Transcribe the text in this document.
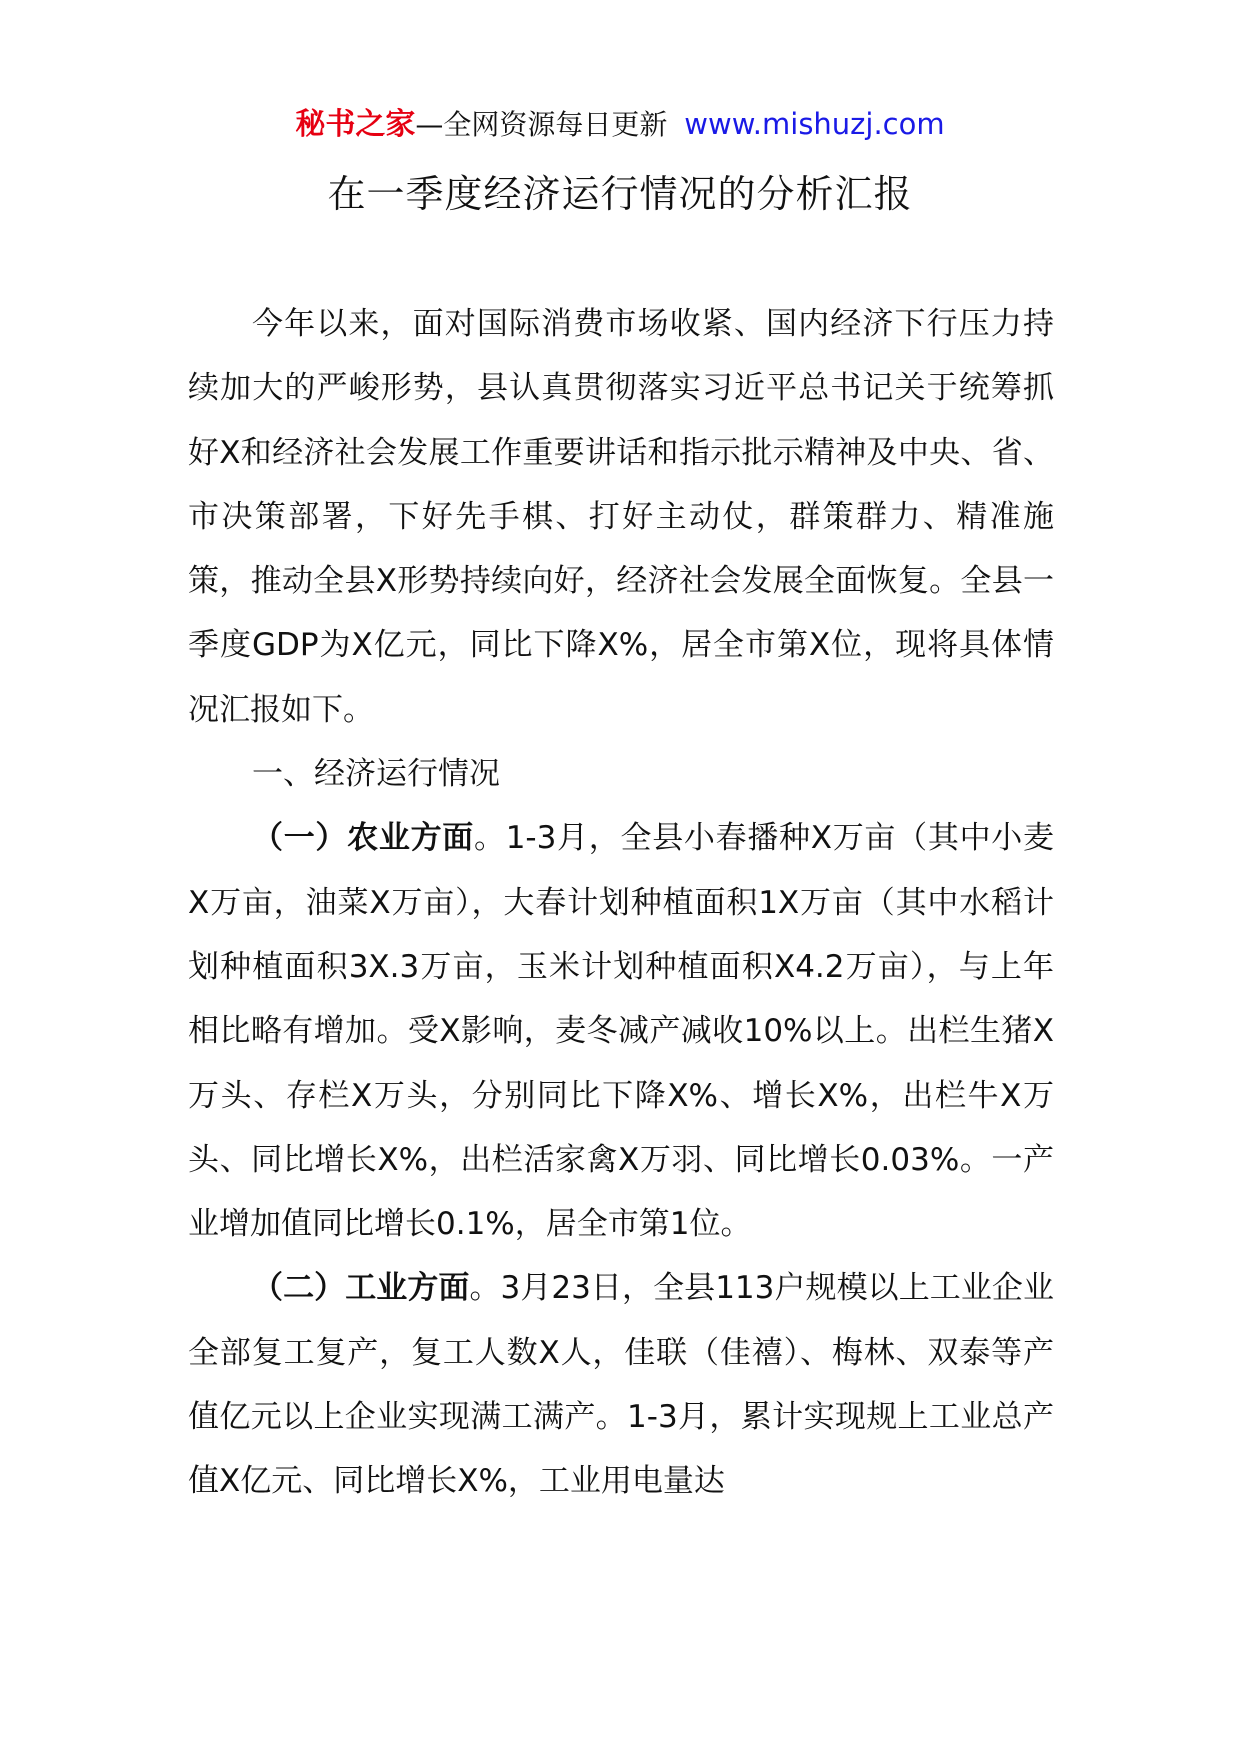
秘书之家—全网资源每日更新 www.mishuzj.com
在一季度经济运行情况的分析汇报

今年以来，面对国际消费市场收紧、国内经济下行压力持续加大的严峻形势，县认真贯彻落实习近平总书记关于统筹抓好X和经济社会发展工作重要讲话和指示批示精神及中央、省、市决策部署，下好先手棋、打好主动仗，群策群力、精准施策，推动全县X形势持续向好，经济社会发展全面恢复。全县一季度GDP为X亿元，同比下降X%，居全市第X位，现将具体情况汇报如下。

一、经济运行情况

（一）农业方面。1-3月，全县小春播种X万亩（其中小麦X万亩，油菜X万亩），大春计划种植面积1X万亩（其中水稻计划种植面积3X.3万亩，玉米计划种植面积X4.2万亩），与上年相比略有增加。受X影响，麦冬减产减收10%以上。出栏生猪X万头、存栏X万头，分别同比下降X%、增长X%，出栏牛X万头、同比增长X%，出栏活家禽X万羽、同比增长0.03%。一产业增加值同比增长0.1%，居全市第1位。

（二）工业方面。3月23日，全县113户规模以上工业企业全部复工复产，复工人数X人，佳联（佳禧）、梅林、双泰等产值亿元以上企业实现满工满产。1-3月，累计实现规上工业总产值X亿元、同比增长X%，工业用电量达
